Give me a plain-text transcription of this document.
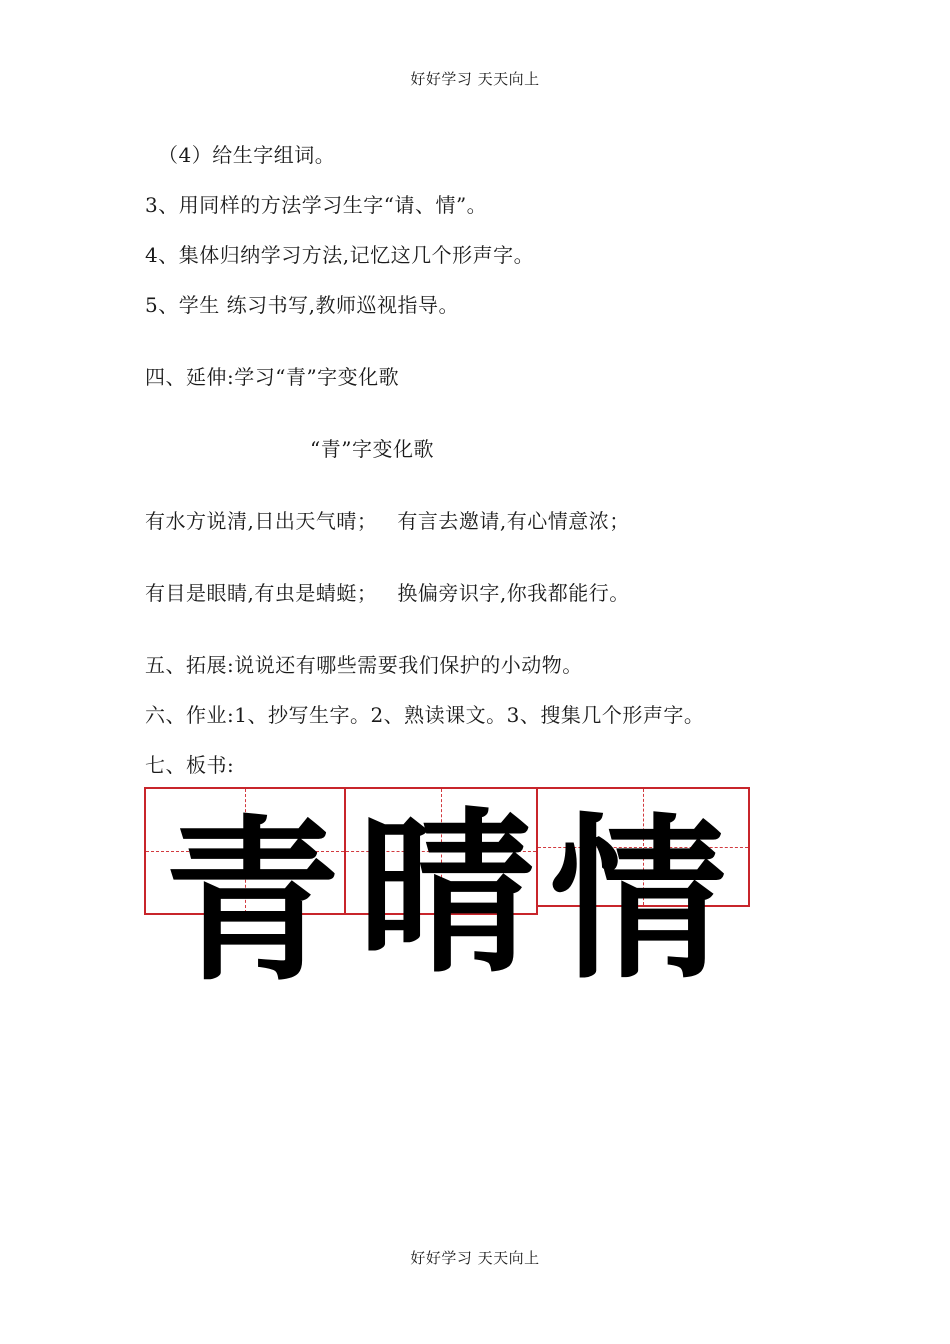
好好学习 天天向上
（4）给生字组词。
3、用同样的方法学习生字“请、情”。
4、集体归纳学习方法,记忆这几个形声字。
5、学生 练习书写,教师巡视指导。
四、延伸:学习“青”字变化歌
“青”字变化歌
有水方说清,日出天气晴； 有言去邀请,有心情意浓；
有目是眼睛,有虫是蜻蜓； 换偏旁识字,你我都能行。
五、拓展:说说还有哪些需要我们保护的小动物。
六、作业:1、抄写生字。2、熟读课文。3、搜集几个形声字。
七、板书:
青 晴 情
好好学习 天天向上
